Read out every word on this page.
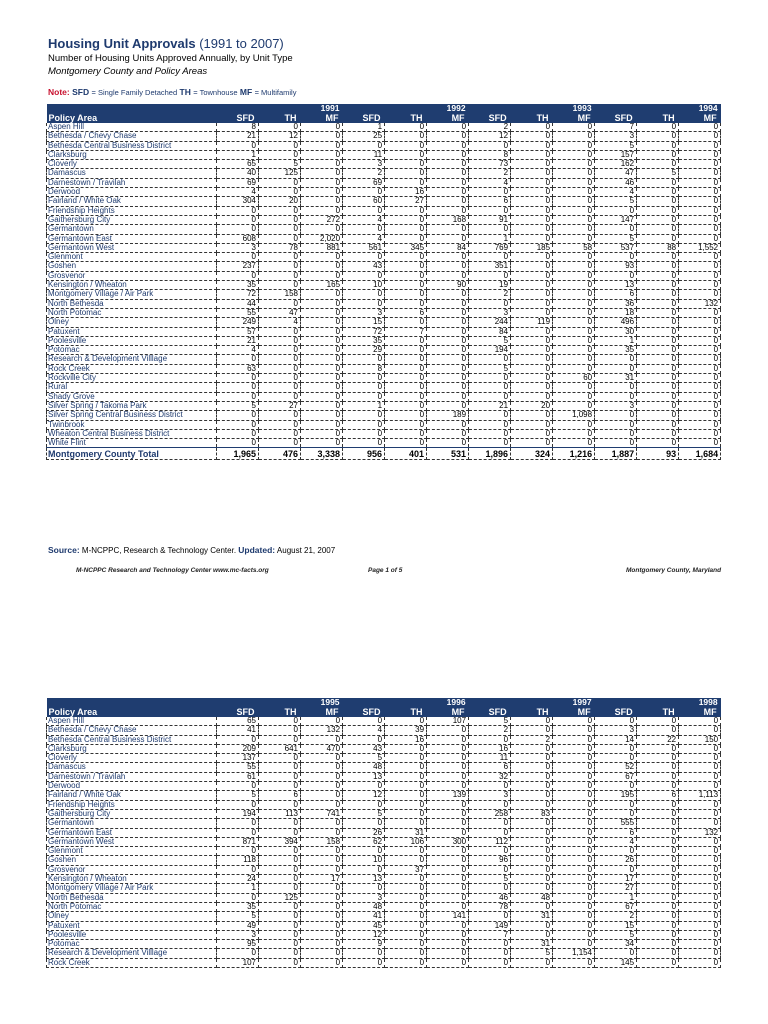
Housing Unit Approvals (1991 to 2007)
Number of Housing Units Approved Annually, by Unit Type
Montgomery County and Policy Areas
Note: SFD = Single Family Detached TH = Townhouse MF = Multifamily
	1991			1992			1993			1994		
Policy Area	SFD	TH	MF	SFD	TH	MF	SFD	TH	MF	SFD	TH	MF
Aspen Hill	8	0	0	1	0	0	2	0	0	7	0	0
Bethesda / Chevy Chase	21	12	0	25	0	0	12	0	0	3	0	0
Bethesda Central Business District	0	0	0	0	0	0	0	0	0	5	0	0
Clarksburg	1	0	0	11	0	0	8	0	0	157	0	0
Cloverly	65	5	0	3	0	0	73	0	0	162	0	0
Damascus	40	125	0	2	0	0	2	0	0	47	5	0
Darnestown / Travilah	69	0	0	69	0	0	4	0	0	46	0	0
Derwood	4	0	0	0	16	0	0	0	0	4	0	0
Fairland / White Oak	304	20	0	60	27	0	6	0	0	5	0	0
Friendship Heights	0	0	0	0	0	0	0	0	0	0	0	0
Gaithersburg City	0	0	272	4	0	168	91	0	0	147	0	0
Germantown	0	0	0	0	0	0	0	0	0	0	0	0
Germantown East	608	0	2,020	4	0	0	1	0	0	5	0	0
Germantown West	3	78	881	561	345	84	769	185	58	537	88	1,552
Glenmont	0	0	0	0	0	0	0	0	0	0	0	0
Goshen	237	0	0	43	0	0	351	0	0	93	0	0
Grosvenor	0	0	0	0	0	0	0	0	0	0	0	0
Kensington / Wheaton	35	0	165	10	0	90	19	0	0	13	0	0
Montgomery Village / Air Park	72	158	0	0	0	0	2	0	0	6	0	0
North Bethesda	44	0	0	0	0	0	0	0	0	36	0	132
North Potomac	55	47	0	3	6	0	3	0	0	18	0	0
Olney	249	4	0	15	0	0	244	119	0	496	0	0
Patuxent	57	0	0	72	7	0	84	0	0	30	0	0
Poolesville	21	0	0	35	0	0	5	0	0	1	0	0
Potomac	4	0	0	29	0	0	194	0	0	35	0	0
Research & Development Villlage	0	0	0	0	0	0	0	0	0	0	0	0
Rock Creek	63	0	0	8	0	0	5	0	0	0	0	0
Rockville City	0	0	0	0	0	0	0	0	60	31	0	0
Rural	0	0	0	0	0	0	0	0	0	0	0	0
Shady Grove	0	0	0	0	0	0	0	0	0	0	0	0
Silver Spring / Takoma Park	5	27	0	1	0	0	21	20	0	3	0	0
Silver Spring Central Business District	0	0	0	0	0	189	0	0	1,098	0	0	0
Twinbrook	0	0	0	0	0	0	0	0	0	0	0	0
Wheaton Central Business District	0	0	0	0	0	0	0	0	0	0	0	0
White Flint	0	0	0	0	0	0	0	0	0	0	0	0
Montgomery County Total	1,965	476	3,338	956	401	531	1,896	324	1,216	1,887	93	1,684
Source: M-NCPPC, Research & Technology Center. Updated: August 21, 2007
M-NCPPC Research and Technology Center www.mc-facts.org	Page 1 of 5	Montgomery County, Maryland
	1995			1996			1997			1998		
Policy Area	SFD	TH	MF	SFD	TH	MF	SFD	TH	MF	SFD	TH	MF
Aspen Hill	65	0	0	0	0	107	5	0	0	0	0	0
Bethesda / Chevy Chase	41	0	132	4	39	0	2	0	0	3	0	0
Bethesda Central Business District	0	0	0	0	16	0	0	2	0	14	22	150
Clarksburg	209	641	470	43	0	0	16	0	0	0	0	0
Cloverly	137	0	0	5	0	0	11	0	0	0	0	0
Damascus	55	0	0	48	0	0	6	0	0	52	0	0
Darnestown / Travilah	61	0	0	13	0	0	32	0	0	67	0	0
Derwood	0	0	0	0	0	0	0	0	0	0	0	0
Fairland / White Oak	5	6	0	12	0	139	3	0	0	195	6	1,113
Friendship Heights	0	0	0	0	0	0	0	0	0	0	0	0
Gaithersburg City	194	113	741	5	0	0	258	83	0	0	0	0
Germantown	0	0	0	0	0	0	0	0	0	555	0	0
Germantown East	0	0	0	26	31	0	0	0	0	6	0	132
Germantown West	871	394	158	62	106	300	112	0	0	4	0	0
Glenmont	0	0	0	0	0	0	0	0	0	0	0	0
Goshen	118	0	0	10	0	0	96	0	0	26	0	0
Grosvenor	0	0	0	0	37	0	0	0	0	0	0	0
Kensington / Wheaton	24	0	17	13	0	0	5	0	0	17	0	0
Montgomery Village / Air Park	1	0	0	0	0	0	0	0	0	27	0	0
North Bethesda	0	125	0	3	0	0	46	48	0	1	0	0
North Potomac	35	0	0	48	0	0	78	0	0	67	0	0
Olney	5	0	0	41	0	141	0	31	0	2	0	0
Patuxent	49	0	0	45	0	0	149	0	0	15	0	0
Poolesville	3	0	0	12	0	0	7	0	0	5	0	0
Potomac	95	0	0	9	0	0	0	31	0	34	0	0
Research & Development Villlage	0	0	0	0	0	0	0	5	1,154	0	0	0
Rock Creek	107	0	0	0	0	0	0	0	0	145	0	0
